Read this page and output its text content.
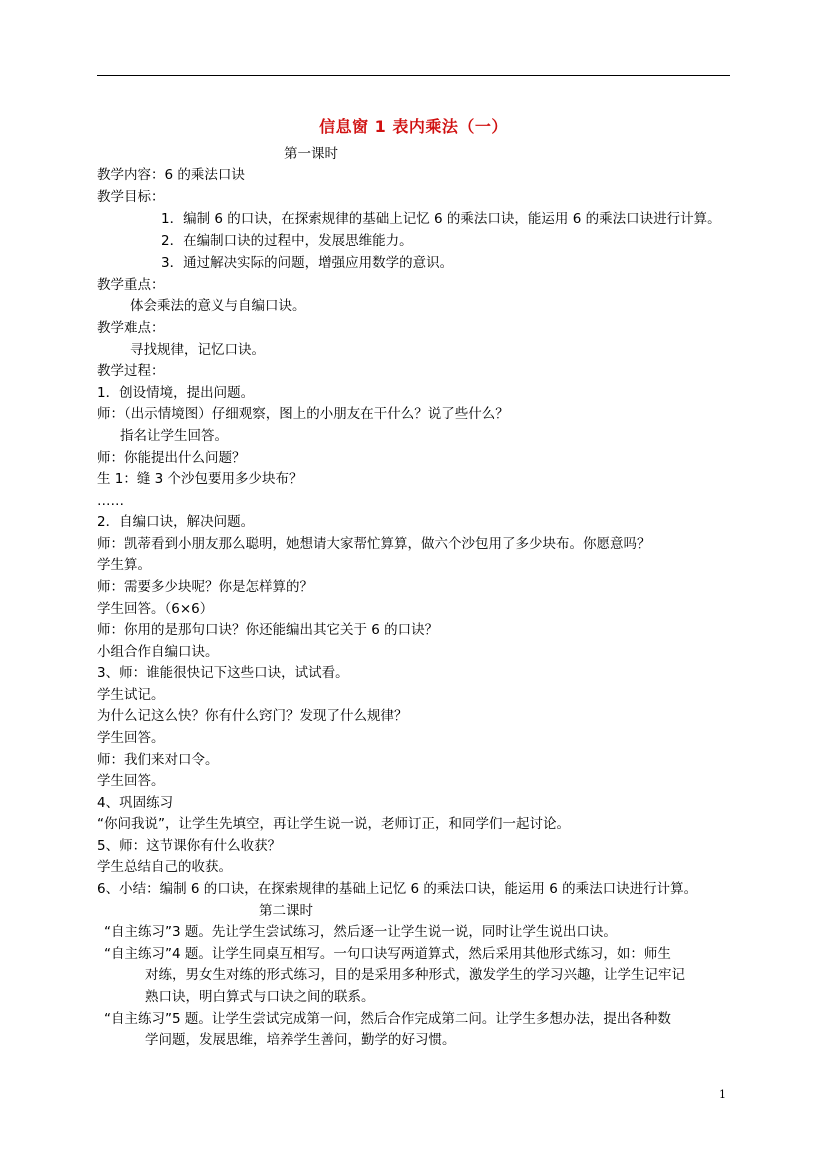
信息窗 1 表内乘法（一）
第一课时
教学内容：6 的乘法口诀
教学目标：
1．编制 6 的口诀，在探索规律的基础上记忆 6 的乘法口诀，能运用 6 的乘法口诀进行计算。
2．在编制口诀的过程中，发展思维能力。
3．通过解决实际的问题，增强应用数学的意识。
教学重点：
体会乘法的意义与自编口诀。
教学难点：
寻找规律，记忆口诀。
教学过程：
1．创设情境，提出问题。
师：（出示情境图）仔细观察，图上的小朋友在干什么？说了些什么？
指名让学生回答。
师：你能提出什么问题？
生 1：缝 3 个沙包要用多少块布？
……
2．自编口诀，解决问题。
师：凯蒂看到小朋友那么聪明，她想请大家帮忙算算，做六个沙包用了多少块布。你愿意吗？
学生算。
师：需要多少块呢？你是怎样算的？
学生回答。（6×6）
师：你用的是那句口诀？你还能编出其它关于 6 的口诀？
小组合作自编口诀。
3、师：谁能很快记下这些口诀，试试看。
学生试记。
为什么记这么快？你有什么窍门？发现了什么规律？
学生回答。
师：我们来对口令。
学生回答。
4、巩固练习
“你问我说”，让学生先填空，再让学生说一说，老师订正，和同学们一起讨论。
5、师：这节课你有什么收获？
学生总结自己的收获。
6、小结：编制 6 的口诀，在探索规律的基础上记忆 6 的乘法口诀，能运用 6 的乘法口诀进行计算。
第二课时
“自主练习”3 题。先让学生尝试练习，然后逐一让学生说一说，同时让学生说出口诀。
“自主练习”4 题。让学生同桌互相写。一句口诀写两道算式，然后采用其他形式练习，如：师生
对练，男女生对练的形式练习，目的是采用多种形式，激发学生的学习兴趣，让学生记牢记
熟口诀，明白算式与口诀之间的联系。
“自主练习”5 题。让学生尝试完成第一问，然后合作完成第二问。让学生多想办法，提出各种数
学问题，发展思维，培养学生善问，勤学的好习惯。
1
